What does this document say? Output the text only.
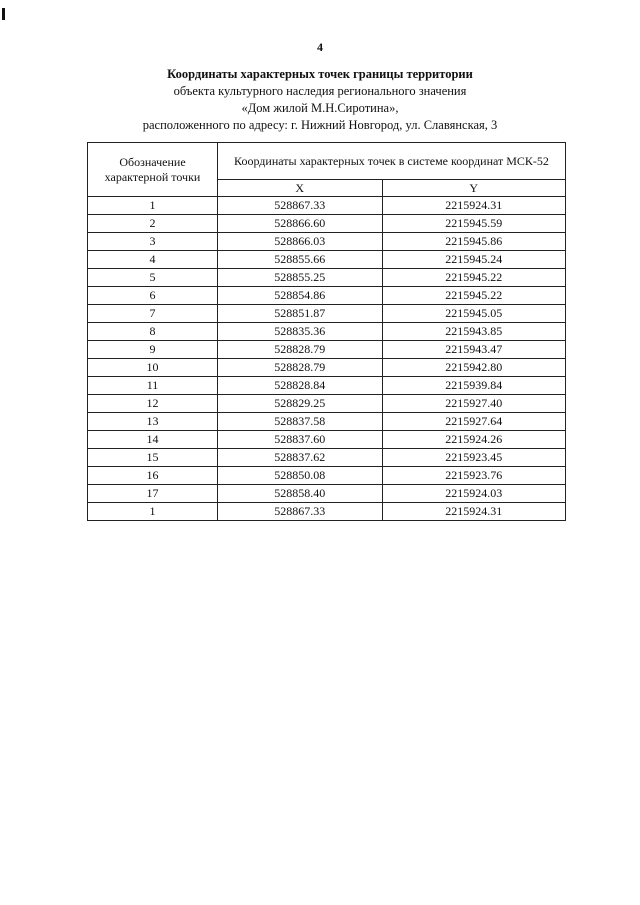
4
Координаты характерных точек границы территории
объекта культурного наследия регионального значения
«Дом жилой М.Н.Сиротина»,
расположенного по адресу: г. Нижний Новгород, ул. Славянская, 3
Обозначение характерной точки	Координаты характерных точек в системе координат МСК-52	
	X	Y
1	528867.33	2215924.31
2	528866.60	2215945.59
3	528866.03	2215945.86
4	528855.66	2215945.24
5	528855.25	2215945.22
6	528854.86	2215945.22
7	528851.87	2215945.05
8	528835.36	2215943.85
9	528828.79	2215943.47
10	528828.79	2215942.80
11	528828.84	2215939.84
12	528829.25	2215927.40
13	528837.58	2215927.64
14	528837.60	2215924.26
15	528837.62	2215923.45
16	528850.08	2215923.76
17	528858.40	2215924.03
1	528867.33	2215924.31
